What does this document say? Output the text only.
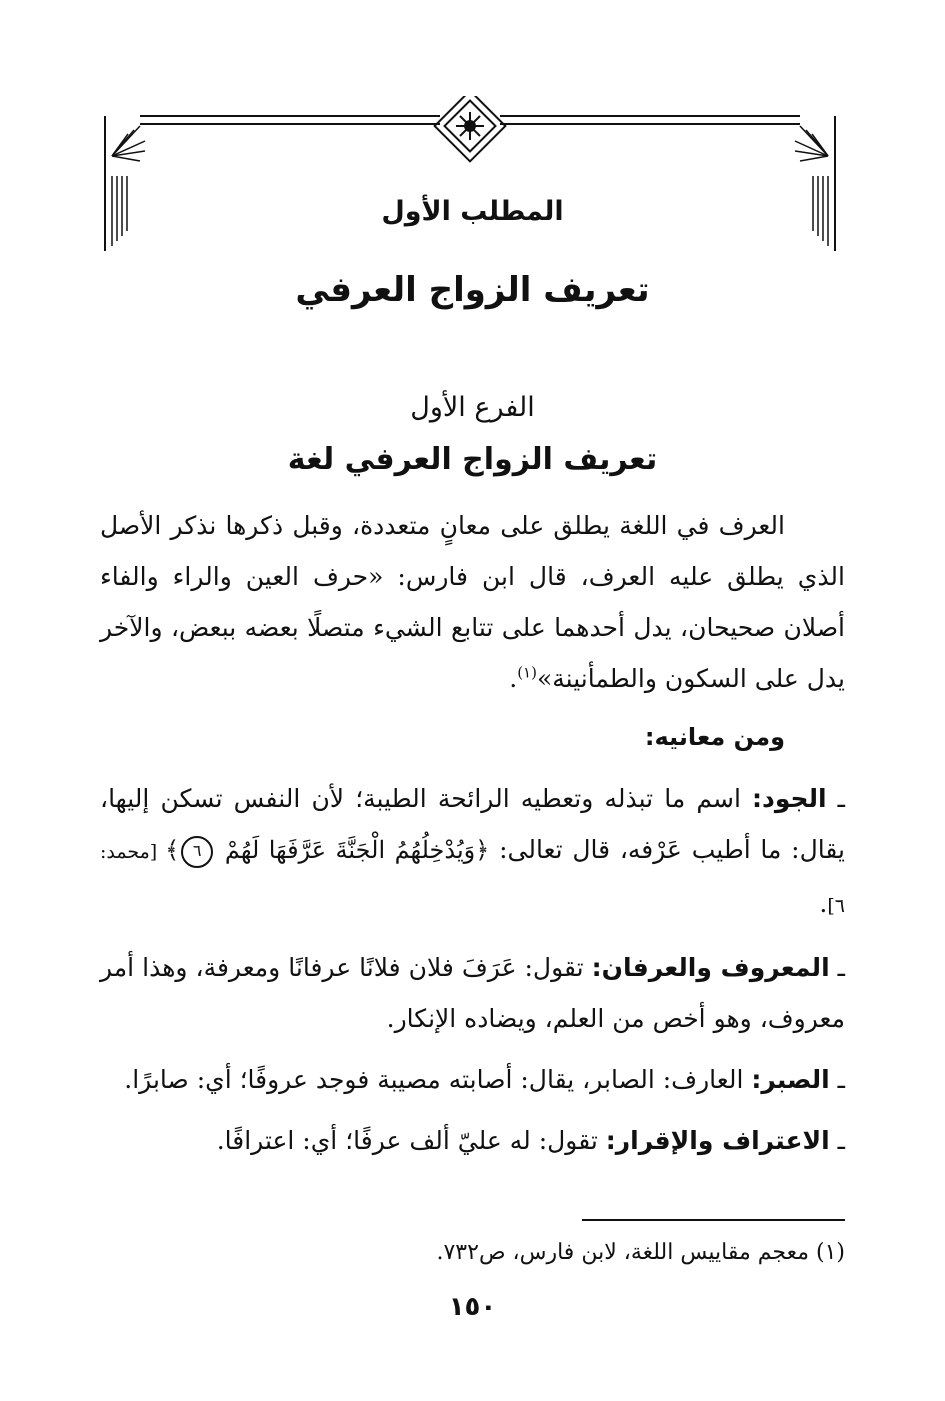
المطلب الأول
تعريف الزواج العرفي
الفرع الأول
تعريف الزواج العرفي لغة

العرف في اللغة يطلق على معانٍ متعددة، وقبل ذكرها نذكر الأصل الذي يطلق عليه العرف، قال ابن فارس: «حرف العين والراء والفاء أصلان صحيحان، يدل أحدهما على تتابع الشيء متصلًا بعضه ببعض، والآخر يدل على السكون والطمأنينة»$^{(١)}$.

ومن معانيه:

ـ الجود: اسم ما تبذله وتعطيه الرائحة الطيبة؛ لأن النفس تسكن إليها، يقال: ما أطيب عَرْفه، قال تعالى: ﴿وَيُدْخِلُهُمُ الْجَنَّةَ عَرَّفَهَا لَهُمْ ٦﴾ [محمد: ٦].

ـ المعروف والعرفان: تقول: عَرَفَ فلان فلانًا عرفانًا ومعرفة، وهذا أمر معروف، وهو أخص من العلم، ويضاده الإنكار.

ـ الصبر: العارف: الصابر، يقال: أصابته مصيبة فوجد عروفًا؛ أي: صابرًا.

ـ الاعتراف والإقرار: تقول: له عليّ ألف عرفًا؛ أي: اعترافًا.

(١) معجم مقاييس اللغة، لابن فارس، ص٧٣٢.
١٥٠
